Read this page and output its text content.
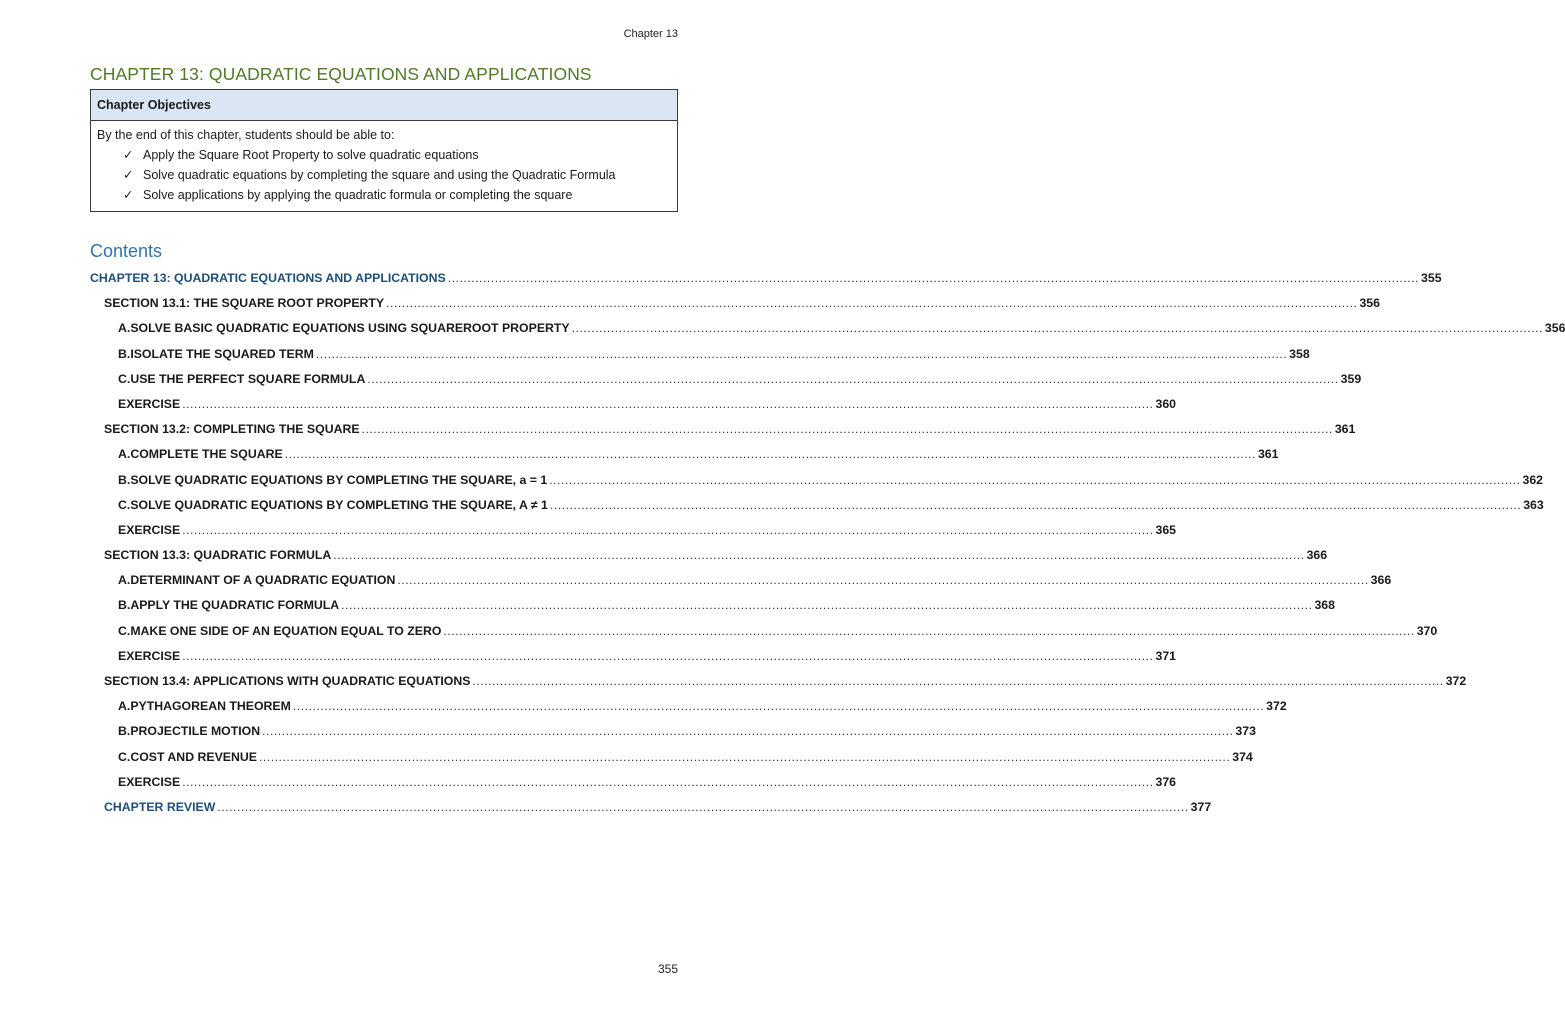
Chapter 13
CHAPTER 13: QUADRATIC EQUATIONS AND APPLICATIONS
Chapter Objectives
By the end of this chapter, students should be able to:
✓ Apply the Square Root Property to solve quadratic equations
✓ Solve quadratic equations by completing the square and using the Quadratic Formula
✓ Solve applications by applying the quadratic formula or completing the square
Contents
CHAPTER 13: QUADRATIC EQUATIONS AND APPLICATIONS ........................................................................................................................................................................................................................................................ 355
SECTION 13.1: THE SQUARE ROOT PROPERTY ........................................................................................................................................................................................................................................................ 356
A. SOLVE BASIC QUADRATIC EQUATIONS USING SQUAREROOT PROPERTY ........................................................................................................................................................................................................................................................ 356
B. ISOLATE THE SQUARED TERM ........................................................................................................................................................................................................................................................ 358
C. USE THE PERFECT SQUARE FORMULA ........................................................................................................................................................................................................................................................ 359
EXERCISE ........................................................................................................................................................................................................................................................ 360
SECTION 13.2: COMPLETING THE SQUARE ........................................................................................................................................................................................................................................................ 361
A. COMPLETE THE SQUARE ........................................................................................................................................................................................................................................................ 361
B. SOLVE QUADRATIC EQUATIONS BY COMPLETING THE SQUARE, a = 1 ........................................................................................................................................................................................................................................................ 362
C. SOLVE QUADRATIC EQUATIONS BY COMPLETING THE SQUARE, A ≠ 1 ........................................................................................................................................................................................................................................................ 363
EXERCISE ........................................................................................................................................................................................................................................................ 365
SECTION 13.3: QUADRATIC FORMULA ........................................................................................................................................................................................................................................................ 366
A. DETERMINANT OF A QUADRATIC EQUATION ........................................................................................................................................................................................................................................................ 366
B. APPLY THE QUADRATIC FORMULA ........................................................................................................................................................................................................................................................ 368
C. MAKE ONE SIDE OF AN EQUATION EQUAL TO ZERO ........................................................................................................................................................................................................................................................ 370
EXERCISE ........................................................................................................................................................................................................................................................ 371
SECTION 13.4: APPLICATIONS WITH QUADRATIC EQUATIONS ........................................................................................................................................................................................................................................................ 372
A. PYTHAGOREAN THEOREM ........................................................................................................................................................................................................................................................ 372
B. PROJECTILE MOTION ........................................................................................................................................................................................................................................................ 373
C. COST AND REVENUE ........................................................................................................................................................................................................................................................ 374
EXERCISE ........................................................................................................................................................................................................................................................ 376
CHAPTER REVIEW ........................................................................................................................................................................................................................................................ 377
355
